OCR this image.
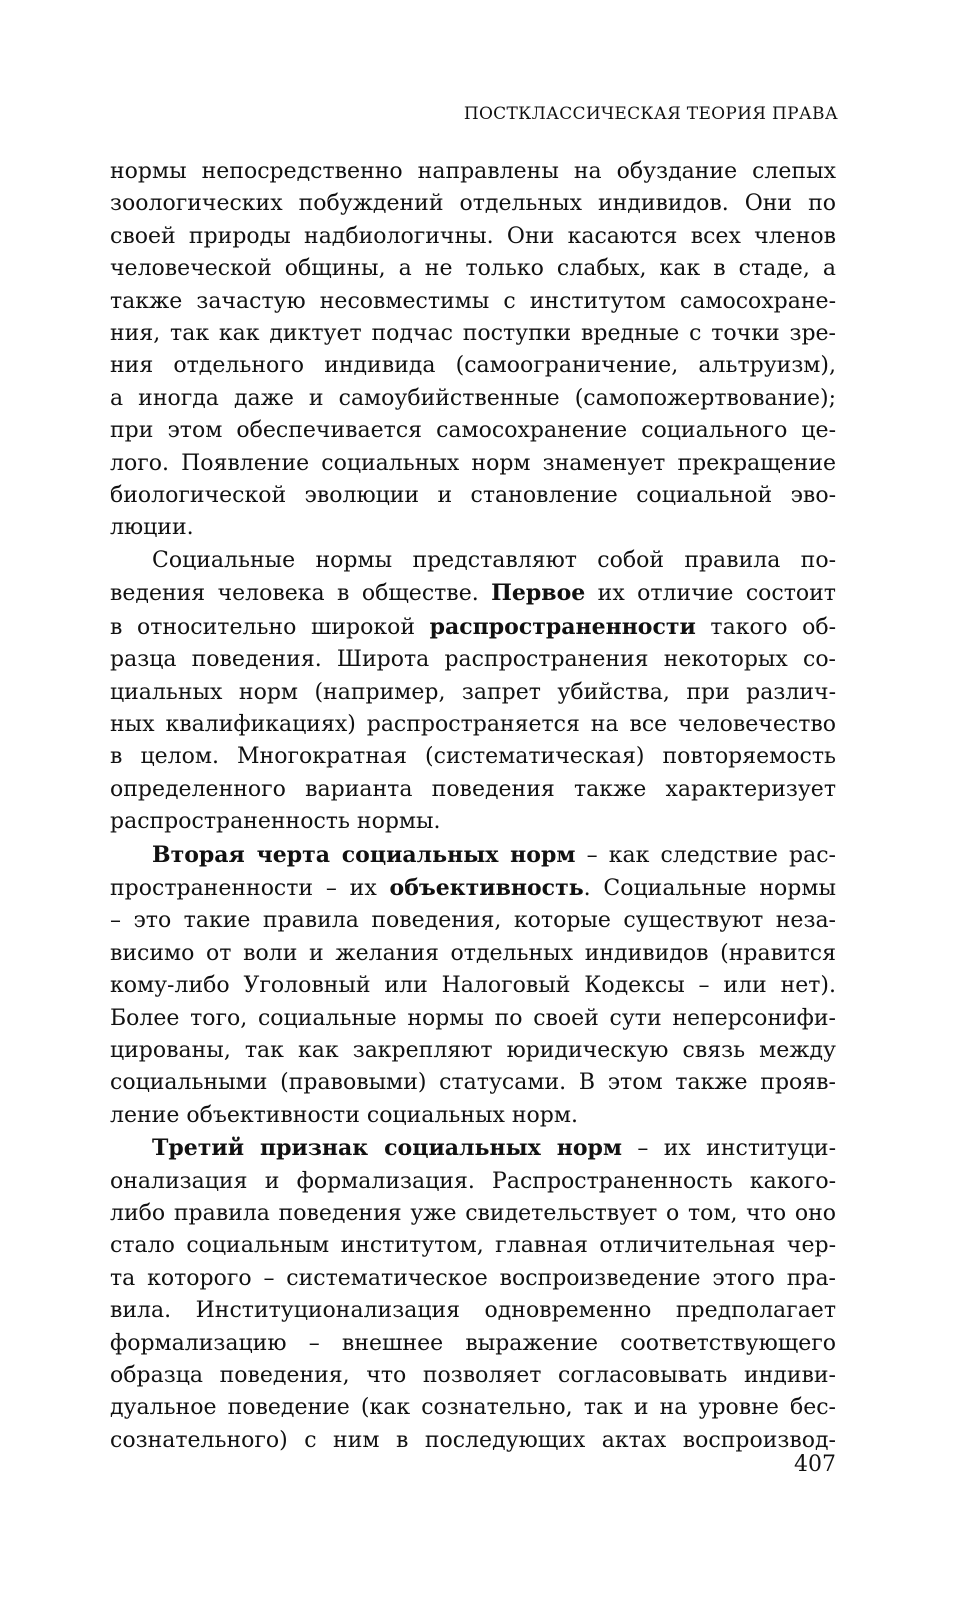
ПОСТКЛАССИЧЕСКАЯ ТЕОРИЯ ПРАВА
нормы непосредственно направлены на обуздание слепых
зоологических побуждений отдельных индивидов. Они по
своей природы надбиологичны. Они касаются всех членов
человеческой общины, а не только слабых, как в стаде, а
также зачастую несовместимы с институтом самосохране-
ния, так как диктует подчас поступки вредные с точки зре-
ния отдельного индивида (самоограничение, альтруизм),
а иногда даже и самоубийственные (самопожертвование);
при этом обеспечивается самосохранение социального це-
лого. Появление социальных норм знаменует прекращение
биологической эволюции и становление социальной эво-
люции.
Социальные нормы представляют собой правила по-
ведения человека в обществе. Первое их отличие состоит
в относительно широкой распространенности такого об-
разца поведения. Широта распространения некоторых со-
циальных норм (например, запрет убийства, при различ-
ных квалификациях) распространяется на все человечество
в целом. Многократная (систематическая) повторяемость
определенного варианта поведения также характеризует
распространенность нормы.
Вторая черта социальных норм – как следствие рас-
пространенности – их объективность. Социальные нормы
– это такие правила поведения, которые существуют неза-
висимо от воли и желания отдельных индивидов (нравится
кому-либо Уголовный или Налоговый Кодексы – или нет).
Более того, социальные нормы по своей сути неперсонифи-
цированы, так как закрепляют юридическую связь между
социальными (правовыми) статусами. В этом также прояв-
ление объективности социальных норм.
Третий признак социальных норм – их институци-
онализация и формализация. Распространенность какого-
либо правила поведения уже свидетельствует о том, что оно
стало социальным институтом, главная отличительная чер-
та которого – систематическое воспроизведение этого пра-
вила. Институционализация одновременно предполагает
формализацию – внешнее выражение соответствующего
образца поведения, что позволяет согласовывать индиви-
дуальное поведение (как сознательно, так и на уровне бес-
сознательного) с ним в последующих актах воспроизвод-
407
